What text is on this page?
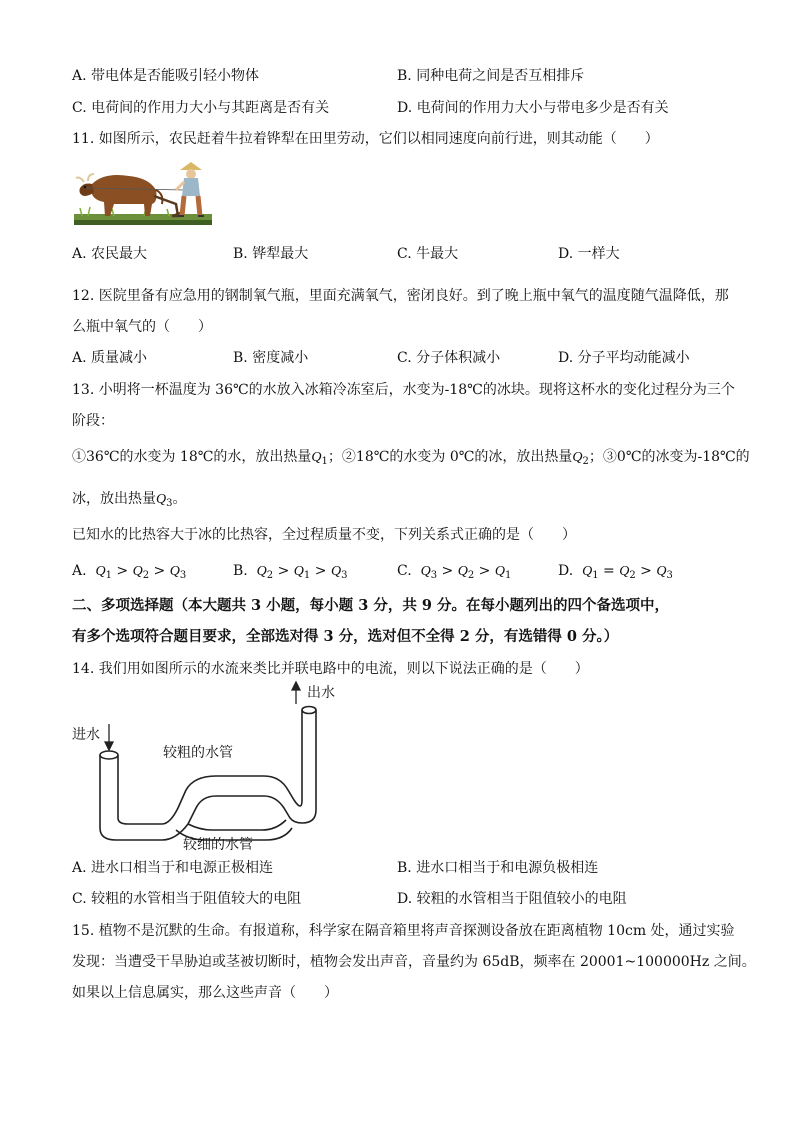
A. 带电体是否能吸引轻小物体	B. 同种电荷之间是否互相排斥
C. 电荷间的作用力大小与其距离是否有关	D. 电荷间的作用力大小与带电多少是否有关
11. 如图所示，农民赶着牛拉着铧犁在田里劳动，它们以相同速度向前行进，则其动能（　　）
A. 农民最大	B. 铧犁最大	C. 牛最大	D. 一样大
12. 医院里备有应急用的钢制氧气瓶，里面充满氧气，密闭良好。到了晚上瓶中氧气的温度随气温降低，那
么瓶中氧气的（　　）
A. 质量减小	B. 密度减小	C. 分子体积减小	D. 分子平均动能减小
13. 小明将一杯温度为 36℃的水放入冰箱冷冻室后，水变为-18℃的冰块。现将这杯水的变化过程分为三个
阶段：
①36℃的水变为 18℃的水，放出热量$Q_1$；②18℃的水变为 0℃的冰，放出热量$Q_2$；③0℃的冰变为-18℃的
冰，放出热量$Q_3$。
已知水的比热容大于冰的比热容，全过程质量不变，下列关系式正确的是（　　）
A. $Q_1 > Q_2 > Q_3$	B. $Q_2 > Q_1 > Q_3$	C. $Q_3 > Q_2 > Q_1$	D. $Q_1 = Q_2 > Q_3$
二、多项选择题（本大题共 3 小题，每小题 3 分，共 9 分。在每小题列出的四个备选项中，
有多个选项符合题目要求，全部选对得 3 分，选对但不全得 2 分，有选错得 0 分。）
14. 我们用如图所示的水流来类比并联电路中的电流，则以下说法正确的是（　　）
进水
出水
较粗的水管
较细的水管
A. 进水口相当于和电源正极相连	B. 进水口相当于和电源负极相连
C. 较粗的水管相当于阻值较大的电阻	D. 较粗的水管相当于阻值较小的电阻
15. 植物不是沉默的生命。有报道称，科学家在隔音箱里将声音探测设备放在距离植物 10cm 处，通过实验
发现：当遭受干旱胁迫或茎被切断时，植物会发出声音，音量约为 65dB，频率在 20001~100000Hz 之间。
如果以上信息属实，那么这些声音（　　）
